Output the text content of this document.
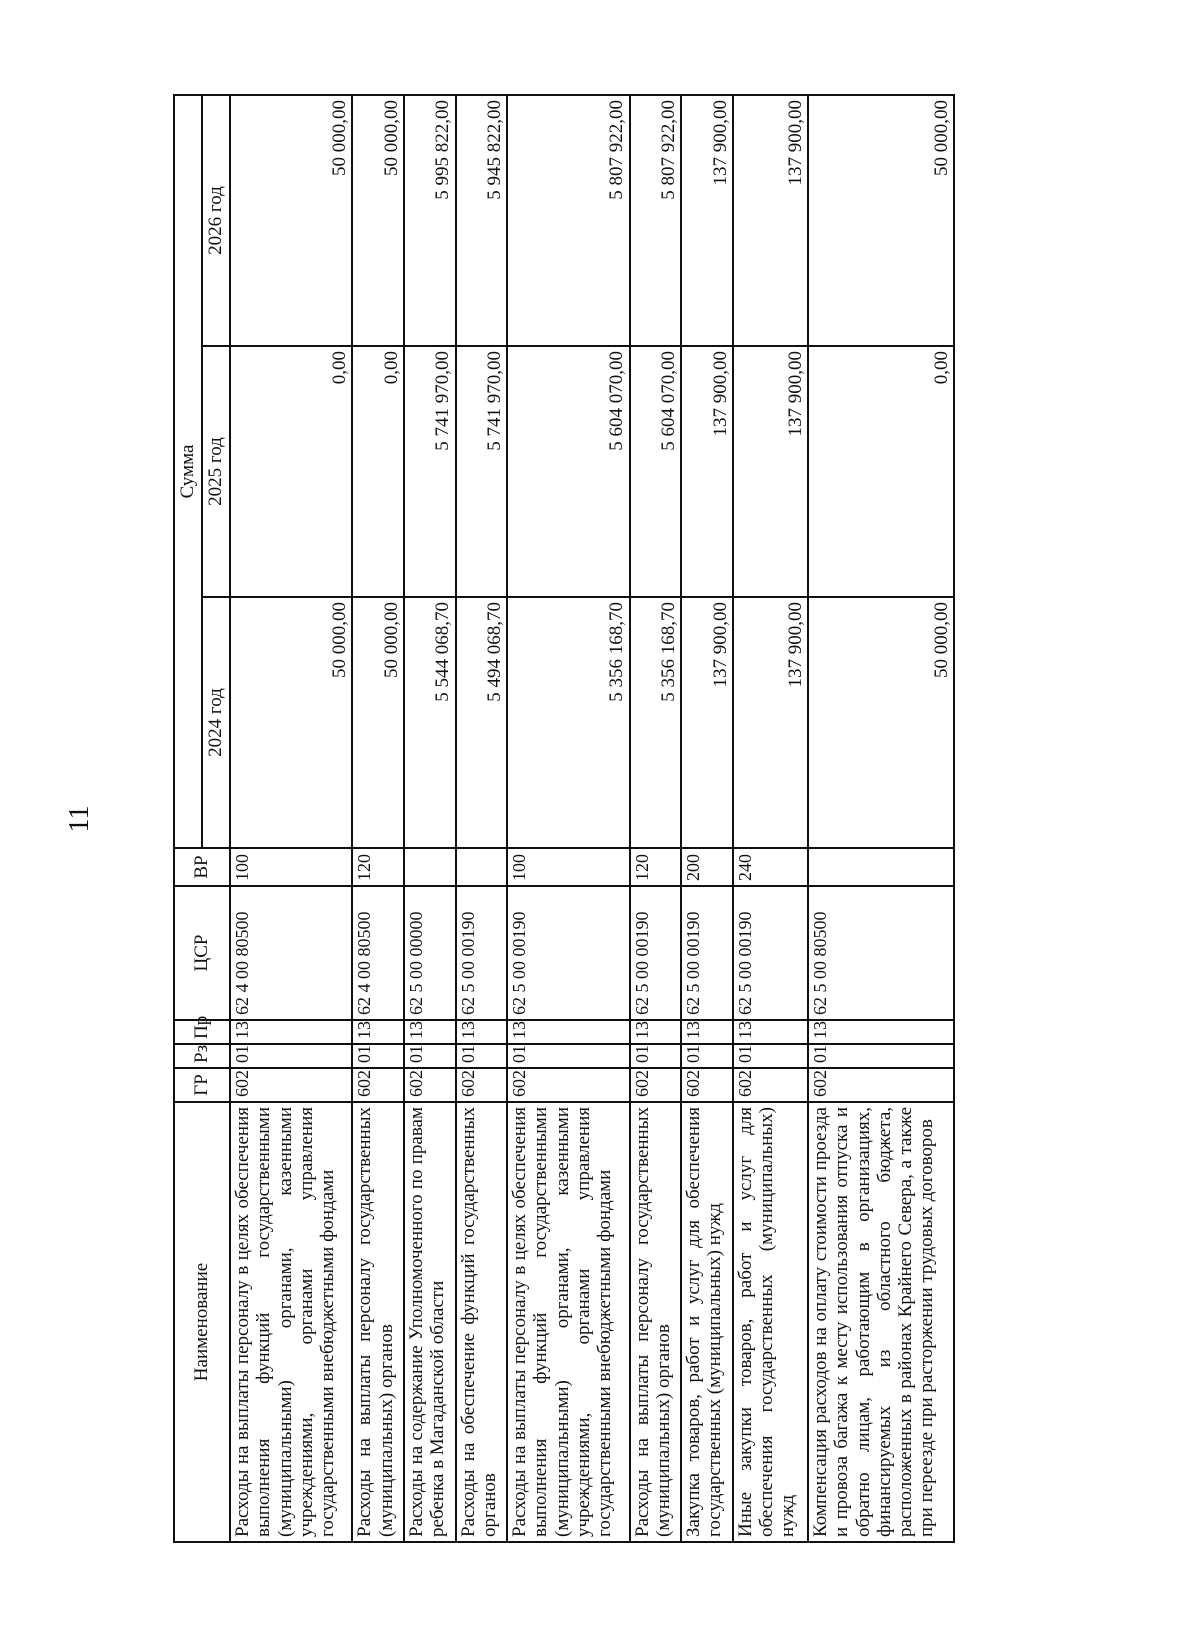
11
Наименование	ГР	Рз	Пр	ЦСР	ВР	Сумма		
						2024 год	2025 год	2026 год
Расходы на выплаты персоналу в целях обеспечения выполнения функций государственными (муниципальными) органами, казенными учреждениями, органами управления государственными внебюджетными фондами	602	01	13	62 4 00 80500	100	50 000,00	0,00	50 000,00
Расходы на выплаты персоналу государственных (муниципальных) органов	602	01	13	62 4 00 80500	120	50 000,00	0,00	50 000,00
Расходы на содержание Уполномоченного по правам ребенка в Магаданской области	602	01	13	62 5 00 00000		5 544 068,70	5 741 970,00	5 995 822,00
Расходы на обеспечение функций государственных органов	602	01	13	62 5 00 00190		5 494 068,70	5 741 970,00	5 945 822,00
Расходы на выплаты персоналу в целях обеспечения выполнения функций государственными (муниципальными) органами, казенными учреждениями, органами управления государственными внебюджетными фондами	602	01	13	62 5 00 00190	100	5 356 168,70	5 604 070,00	5 807 922,00
Расходы на выплаты персоналу государственных (муниципальных) органов	602	01	13	62 5 00 00190	120	5 356 168,70	5 604 070,00	5 807 922,00
Закупка товаров, работ и услуг для обеспечения государственных (муниципальных) нужд	602	01	13	62 5 00 00190	200	137 900,00	137 900,00	137 900,00
Иные закупки товаров, работ и услуг для обеспечения государственных (муниципальных) нужд	602	01	13	62 5 00 00190	240	137 900,00	137 900,00	137 900,00
Компенсация расходов на оплату стоимости проезда и провоза багажа к месту использования отпуска и обратно лицам, работающим в организациях, финансируемых из областного бюджета, расположенных в районах Крайнего Севера, а также при переезде при расторжении трудовых договоров	602	01	13	62 5 00 80500		50 000,00	0,00	50 000,00
